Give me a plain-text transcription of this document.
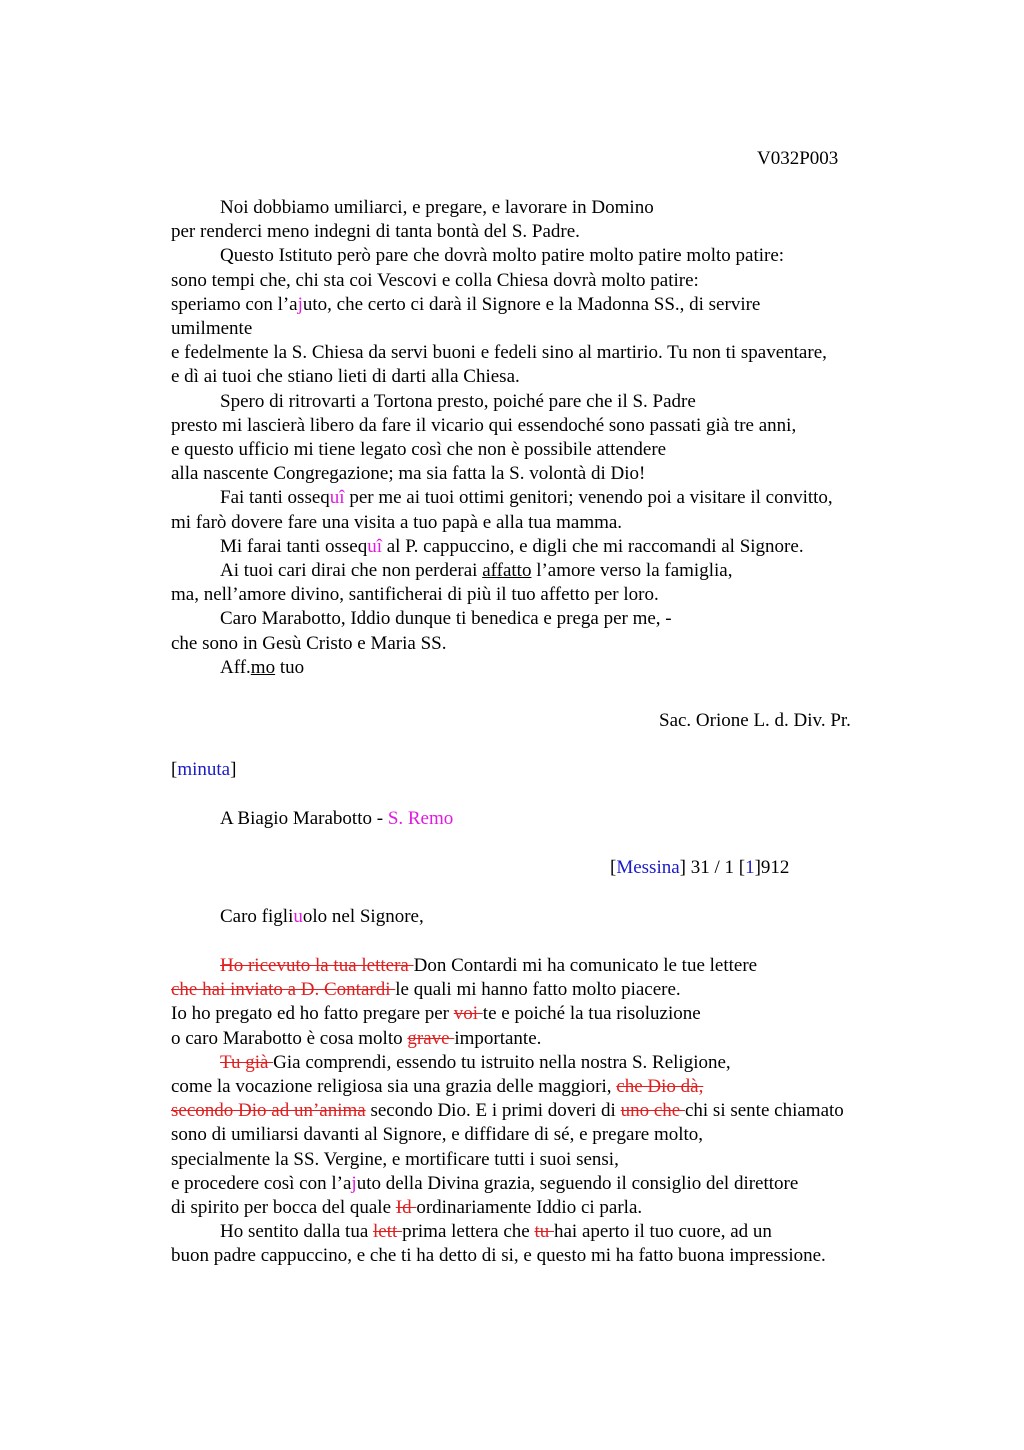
V032P003
Noi dobbiamo umiliarci, e pregare, e lavorare in Domino
per renderci meno indegni di tanta bontà del S. Padre.
Questo Istituto però pare che dovrà molto patire molto patire molto patire:
sono tempi che, chi sta coi Vescovi e colla Chiesa dovrà molto patire:
speriamo con l’ajuto, che certo ci darà il Signore e la Madonna SS., di servire
umilmente
e fedelmente la S. Chiesa da servi buoni e fedeli sino al martirio. Tu non ti spaventare,
e dì ai tuoi che stiano lieti di darti alla Chiesa.
Spero di ritrovarti a Tortona presto, poiché pare che il S. Padre
presto mi lascierà libero da fare il vicario qui essendoché sono passati già tre anni,
e questo ufficio mi tiene legato così che non è possibile attendere
alla nascente Congregazione; ma sia fatta la S. volontà di Dio!
Fai tanti ossequî per me ai tuoi ottimi genitori; venendo poi a visitare il convitto,
mi farò dovere fare una visita a tuo papà e alla tua mamma.
Mi farai tanti ossequî al P. cappuccino, e digli che mi raccomandi al Signore.
Ai tuoi cari dirai che non perderai affatto l’amore verso la famiglia,
ma, nell’amore divino, santificherai di più il tuo affetto per loro.
Caro Marabotto, Iddio dunque ti benedica e prega per me, -
che sono in Gesù Cristo e Maria SS.
Aff.mo tuo
Sac. Orione L. d. Div. Pr.
[minuta]
A Biagio Marabotto - S. Remo
[Messina] 31 / 1 [1]912
Caro figliuolo nel Signore,
Ho ricevuto la tua lettera Don Contardi mi ha comunicato le tue lettere
che hai inviato a D. Contardi le quali mi hanno fatto molto piacere.
Io ho pregato ed ho fatto pregare per voi te e poiché la tua risoluzione
o caro Marabotto è cosa molto grave importante.
Tu già Gia comprendi, essendo tu istruito nella nostra S. Religione,
come la vocazione religiosa sia una grazia delle maggiori, che Dio dà,
secondo Dio ad un’anima secondo Dio. E i primi doveri di uno che chi si sente chiamato
sono di umiliarsi davanti al Signore, e diffidare di sé, e pregare molto,
specialmente la SS. Vergine, e mortificare tutti i suoi sensi,
e procedere così con l’ajuto della Divina grazia, seguendo il consiglio del direttore
di spirito per bocca del quale Id ordinariamente Iddio ci parla.
Ho sentito dalla tua lett prima lettera che tu hai aperto il tuo cuore, ad un
buon padre cappuccino, e che ti ha detto di si, e questo mi ha fatto buona impressione.
